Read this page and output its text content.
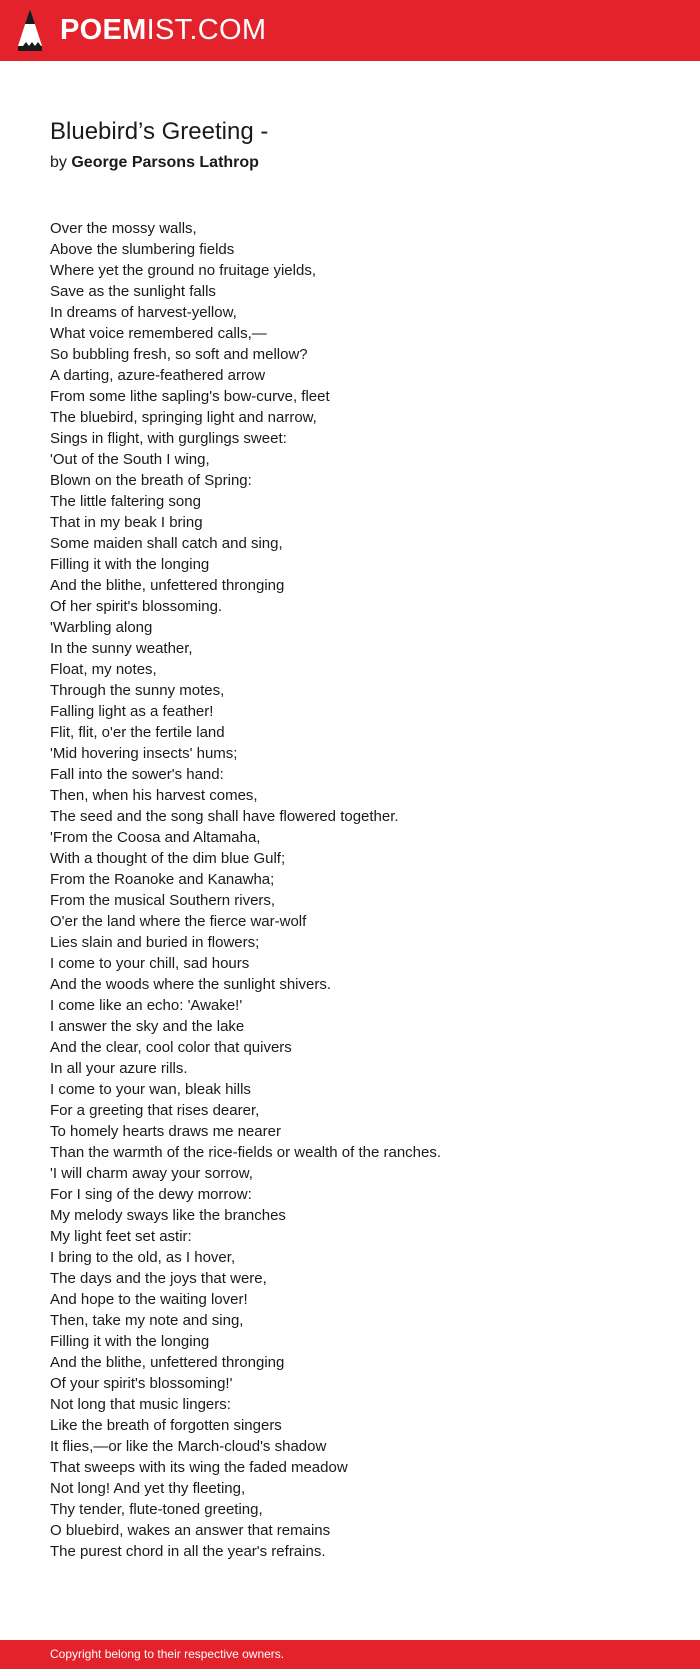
POEMIST.COM
Bluebird’s Greeting -
by George Parsons Lathrop
Over the mossy walls,
Above the slumbering fields
Where yet the ground no fruitage yields,
Save as the sunlight falls
In dreams of harvest-yellow,
What voice remembered calls,—
So bubbling fresh, so soft and mellow?
A darting, azure-feathered arrow
From some lithe sapling's bow-curve, fleet
The bluebird, springing light and narrow,
Sings in flight, with gurglings sweet:
'Out of the South I wing,
Blown on the breath of Spring:
The little faltering song
That in my beak I bring
Some maiden shall catch and sing,
Filling it with the longing
And the blithe, unfettered thronging
Of her spirit's blossoming.
'Warbling along
In the sunny weather,
Float, my notes,
Through the sunny motes,
Falling light as a feather!
Flit, flit, o'er the fertile land
'Mid hovering insects' hums;
Fall into the sower's hand:
Then, when his harvest comes,
The seed and the song shall have flowered together.
'From the Coosa and Altamaha,
With a thought of the dim blue Gulf;
From the Roanoke and Kanawha;
From the musical Southern rivers,
O'er the land where the fierce war-wolf
Lies slain and buried in flowers;
I come to your chill, sad hours
And the woods where the sunlight shivers.
I come like an echo: 'Awake!'
I answer the sky and the lake
And the clear, cool color that quivers
In all your azure rills.
I come to your wan, bleak hills
For a greeting that rises dearer,
To homely hearts draws me nearer
Than the warmth of the rice-fields or wealth of the ranches.
'I will charm away your sorrow,
For I sing of the dewy morrow:
My melody sways like the branches
My light feet set astir:
I bring to the old, as I hover,
The days and the joys that were,
And hope to the waiting lover!
Then, take my note and sing,
Filling it with the longing
And the blithe, unfettered thronging
Of your spirit's blossoming!'
Not long that music lingers:
Like the breath of forgotten singers
It flies,—or like the March-cloud's shadow
That sweeps with its wing the faded meadow
Not long! And yet thy fleeting,
Thy tender, flute-toned greeting,
O bluebird, wakes an answer that remains
The purest chord in all the year's refrains.
Copyright belong to their respective owners.
